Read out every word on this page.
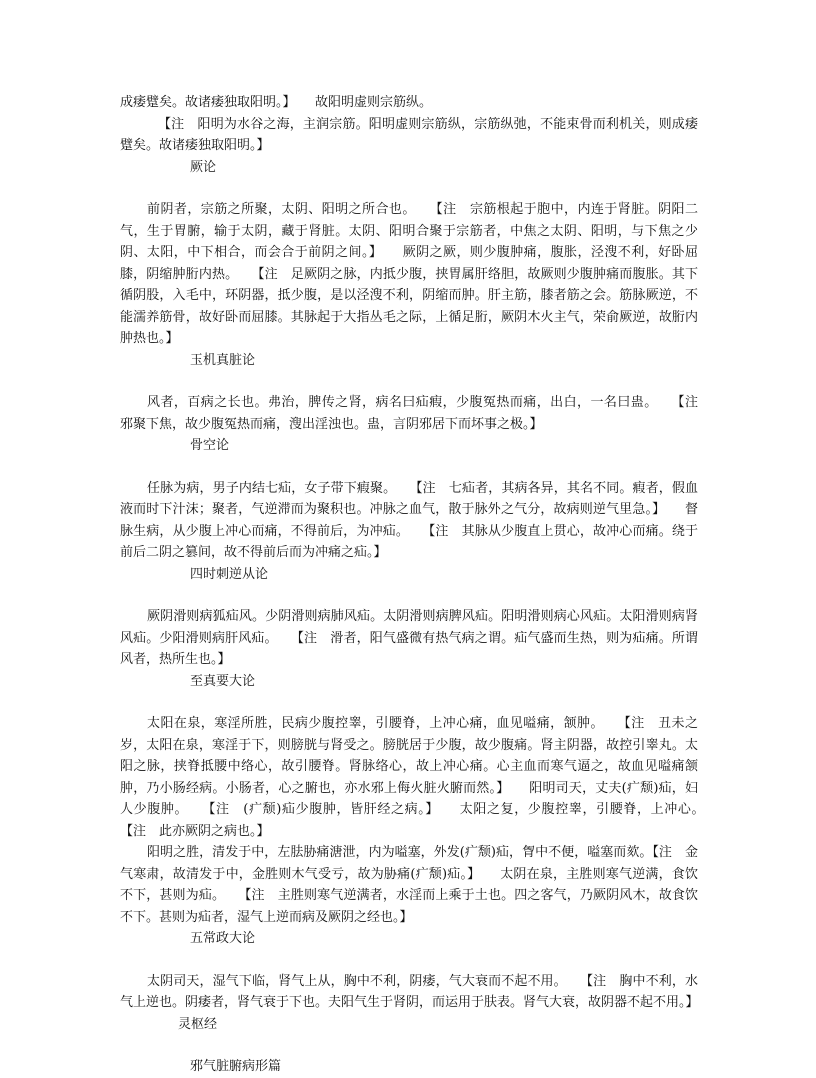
成痿躄矣。故诸痿独取阳明。】　　故阳明虚则宗筋纵。

【注　阳明为水谷之海，主润宗筋。阳明虚则宗筋纵，宗筋纵弛，不能束骨而利机关，则成痿躄矣。故诸痿独取阳明。】

厥论

前阴者，宗筋之所聚，太阴、阳明之所合也。　　【注　宗筋根起于胞中，内连于肾脏。阴阳二气，生于胃腑，输于太阴，藏于肾脏。太阴、阳明合聚于宗筋者，中焦之太阴、阳明，与下焦之少阴、太阳，中下相合，而会合于前阴之间。】　　厥阴之厥，则少腹肿痛，腹胀，泾溲不利，好卧屈膝，阴缩肿胻内热。　　【注　足厥阴之脉，内抵少腹，挟胃属肝络胆，故厥则少腹肿痛而腹胀。其下循阴股，入毛中，环阴器，抵少腹，是以泾溲不利，阴缩而肿。肝主筋，膝者筋之会。筋脉厥逆，不能濡养筋骨，故好卧而屈膝。其脉起于大指丛毛之际，上循足胻，厥阴木火主气，荣俞厥逆，故胻内肿热也。】

玉机真脏论

风者，百病之长也。弗治，脾传之肾，病名曰疝瘕，少腹冤热而痛，出白，一名曰蛊。　　【注　邪聚下焦，故少腹冤热而痛，溲出淫浊也。蛊，言阴邪居下而坏事之极。】

骨空论

任脉为病，男子内结七疝，女子带下瘕聚。　　【注　七疝者，其病各异，其名不同。瘕者，假血液而时下汁沫；聚者，气逆滞而为聚积也。冲脉之血气，散于脉外之气分，故病则逆气里急。】　　督脉生病，从少腹上冲心而痛，不得前后，为冲疝。　　【注　其脉从少腹直上贯心，故冲心而痛。绕于前后二阴之篡间，故不得前后而为冲痛之疝。】

四时刺逆从论

厥阴滑则病狐疝风。少阴滑则病肺风疝。太阴滑则病脾风疝。阳明滑则病心风疝。太阳滑则病肾风疝。少阳滑则病肝风疝。　　【注　滑者，阳气盛微有热气病之谓。疝气盛而生热，则为疝痛。所谓风者，热所生也。】

至真要大论

太阳在泉，寒淫所胜，民病少腹控睾，引腰脊，上冲心痛，血见嗌痛，颔肿。　　【注　丑未之岁，太阳在泉，寒淫于下，则膀胱与肾受之。膀胱居于少腹，故少腹痛。肾主阴器，故控引睾丸。太阳之脉，挟脊抵腰中络心，故引腰脊。肾脉络心，故上冲心痛。心主血而寒气逼之，故血见嗌痛颔肿，乃小肠经病。小肠者，心之腑也，亦水邪上侮火脏火腑而然。】　　阳明司天，丈夫(疒颓)疝，妇人少腹肿。　　【注　(疒颓)疝少腹肿，皆肝经之病。】　　太阳之复，少腹控睾，引腰脊，上冲心。　　【注　此亦厥阴之病也。】

阳明之胜，清发于中，左胠胁痛溏泄，内为嗌塞，外发(疒颓)疝，胷中不便，嗌塞而欬。【注　金气寒肃，故清发于中，金胜则木气受亏，故为胁痛(疒颓)疝。】　　太阴在泉，主胜则寒气逆满，食饮不下，甚则为疝。　　【注　主胜则寒气逆满者，水淫而上乘于土也。四之客气，乃厥阴风木，故食饮不下。甚则为疝者，湿气上逆而病及厥阴之经也。】

五常政大论

太阴司天，湿气下临，肾气上从，胸中不利，阴痿，气大衰而不起不用。　　【注　胸中不利，水气上逆也。阴痿者，肾气衰于下也。夫阳气生于肾阴，而运用于肤表。肾气大衰，故阴器不起不用。】

灵枢经
邪气脏腑病形篇
